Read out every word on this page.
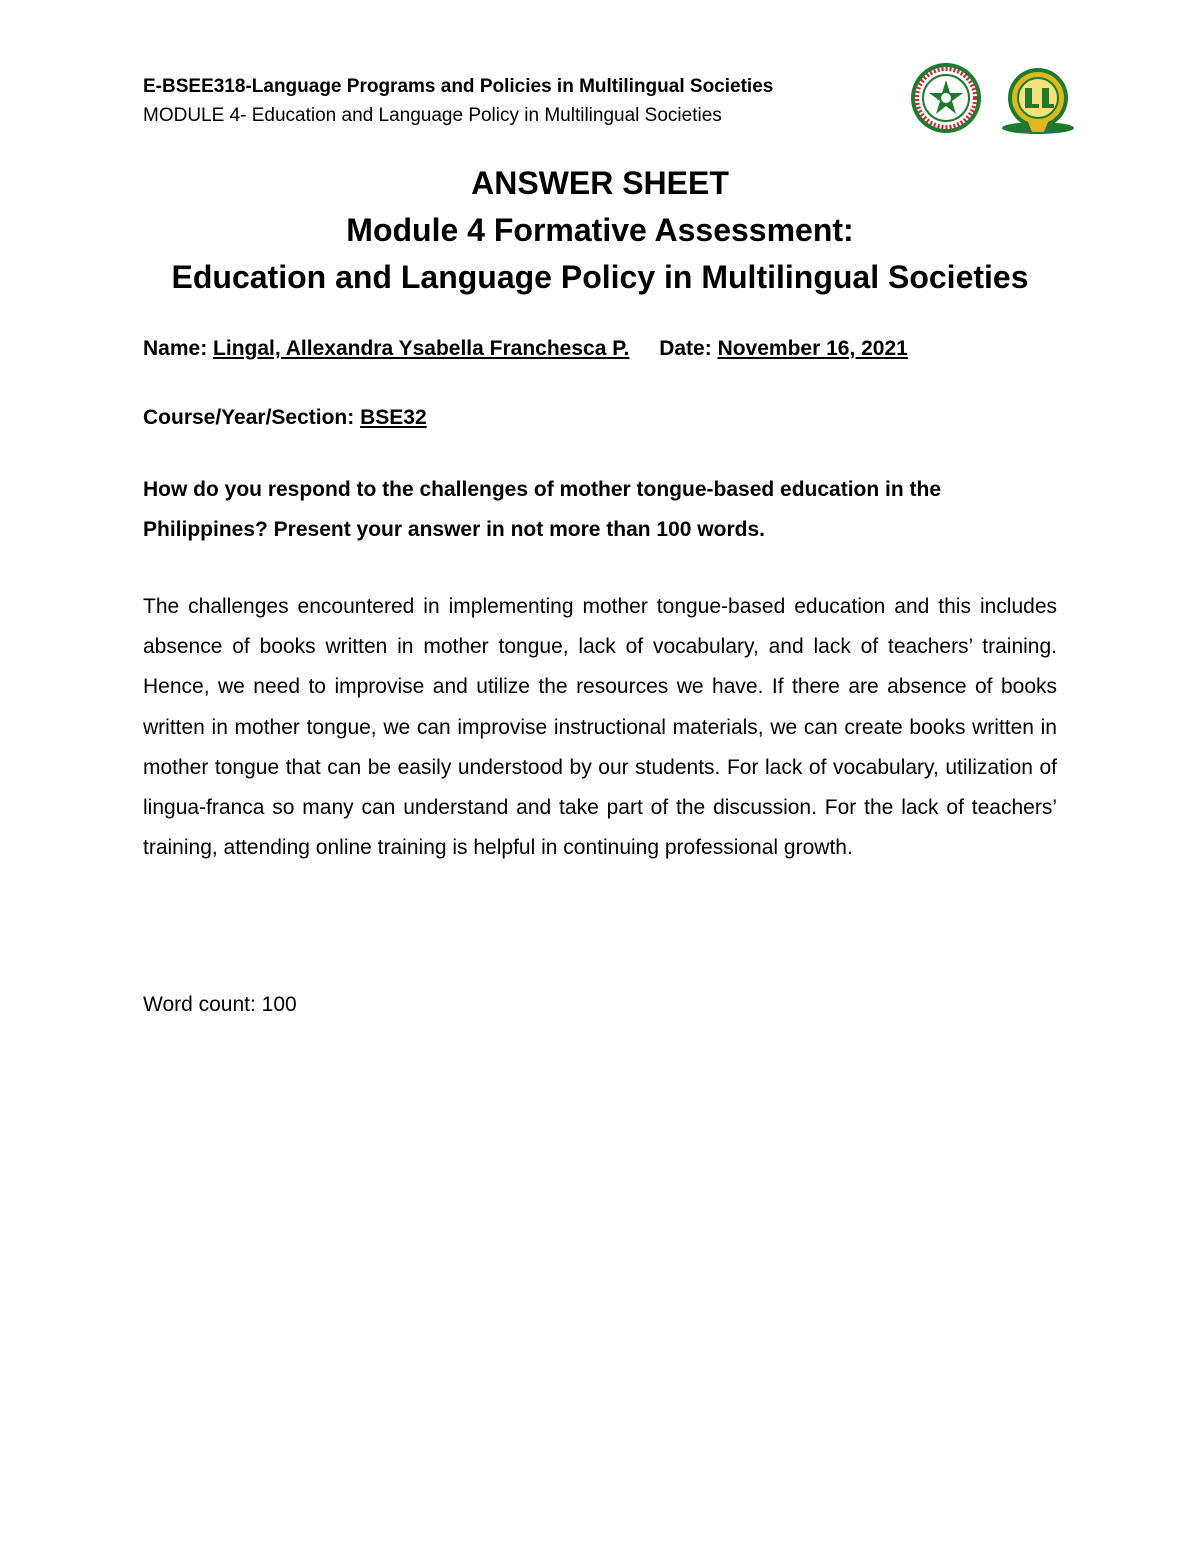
E-BSEE318-Language Programs and Policies in Multilingual Societies
MODULE 4- Education and Language Policy in Multilingual Societies
ANSWER SHEET
Module 4 Formative Assessment:
Education and Language Policy in Multilingual Societies
Name: Lingal, Allexandra Ysabella Franchesca P. Date: November 16, 2021
Course/Year/Section: BSE32
How do you respond to the challenges of mother tongue-based education in the Philippines? Present your answer in not more than 100 words.
The challenges encountered in implementing mother tongue-based education and this includes absence of books written in mother tongue, lack of vocabulary, and lack of teachers’ training. Hence, we need to improvise and utilize the resources we have. If there are absence of books written in mother tongue, we can improvise instructional materials, we can create books written in mother tongue that can be easily understood by our students. For lack of vocabulary, utilization of lingua-franca so many can understand and take part of the discussion. For the lack of teachers’ training, attending online training is helpful in continuing professional growth.
Word count: 100
